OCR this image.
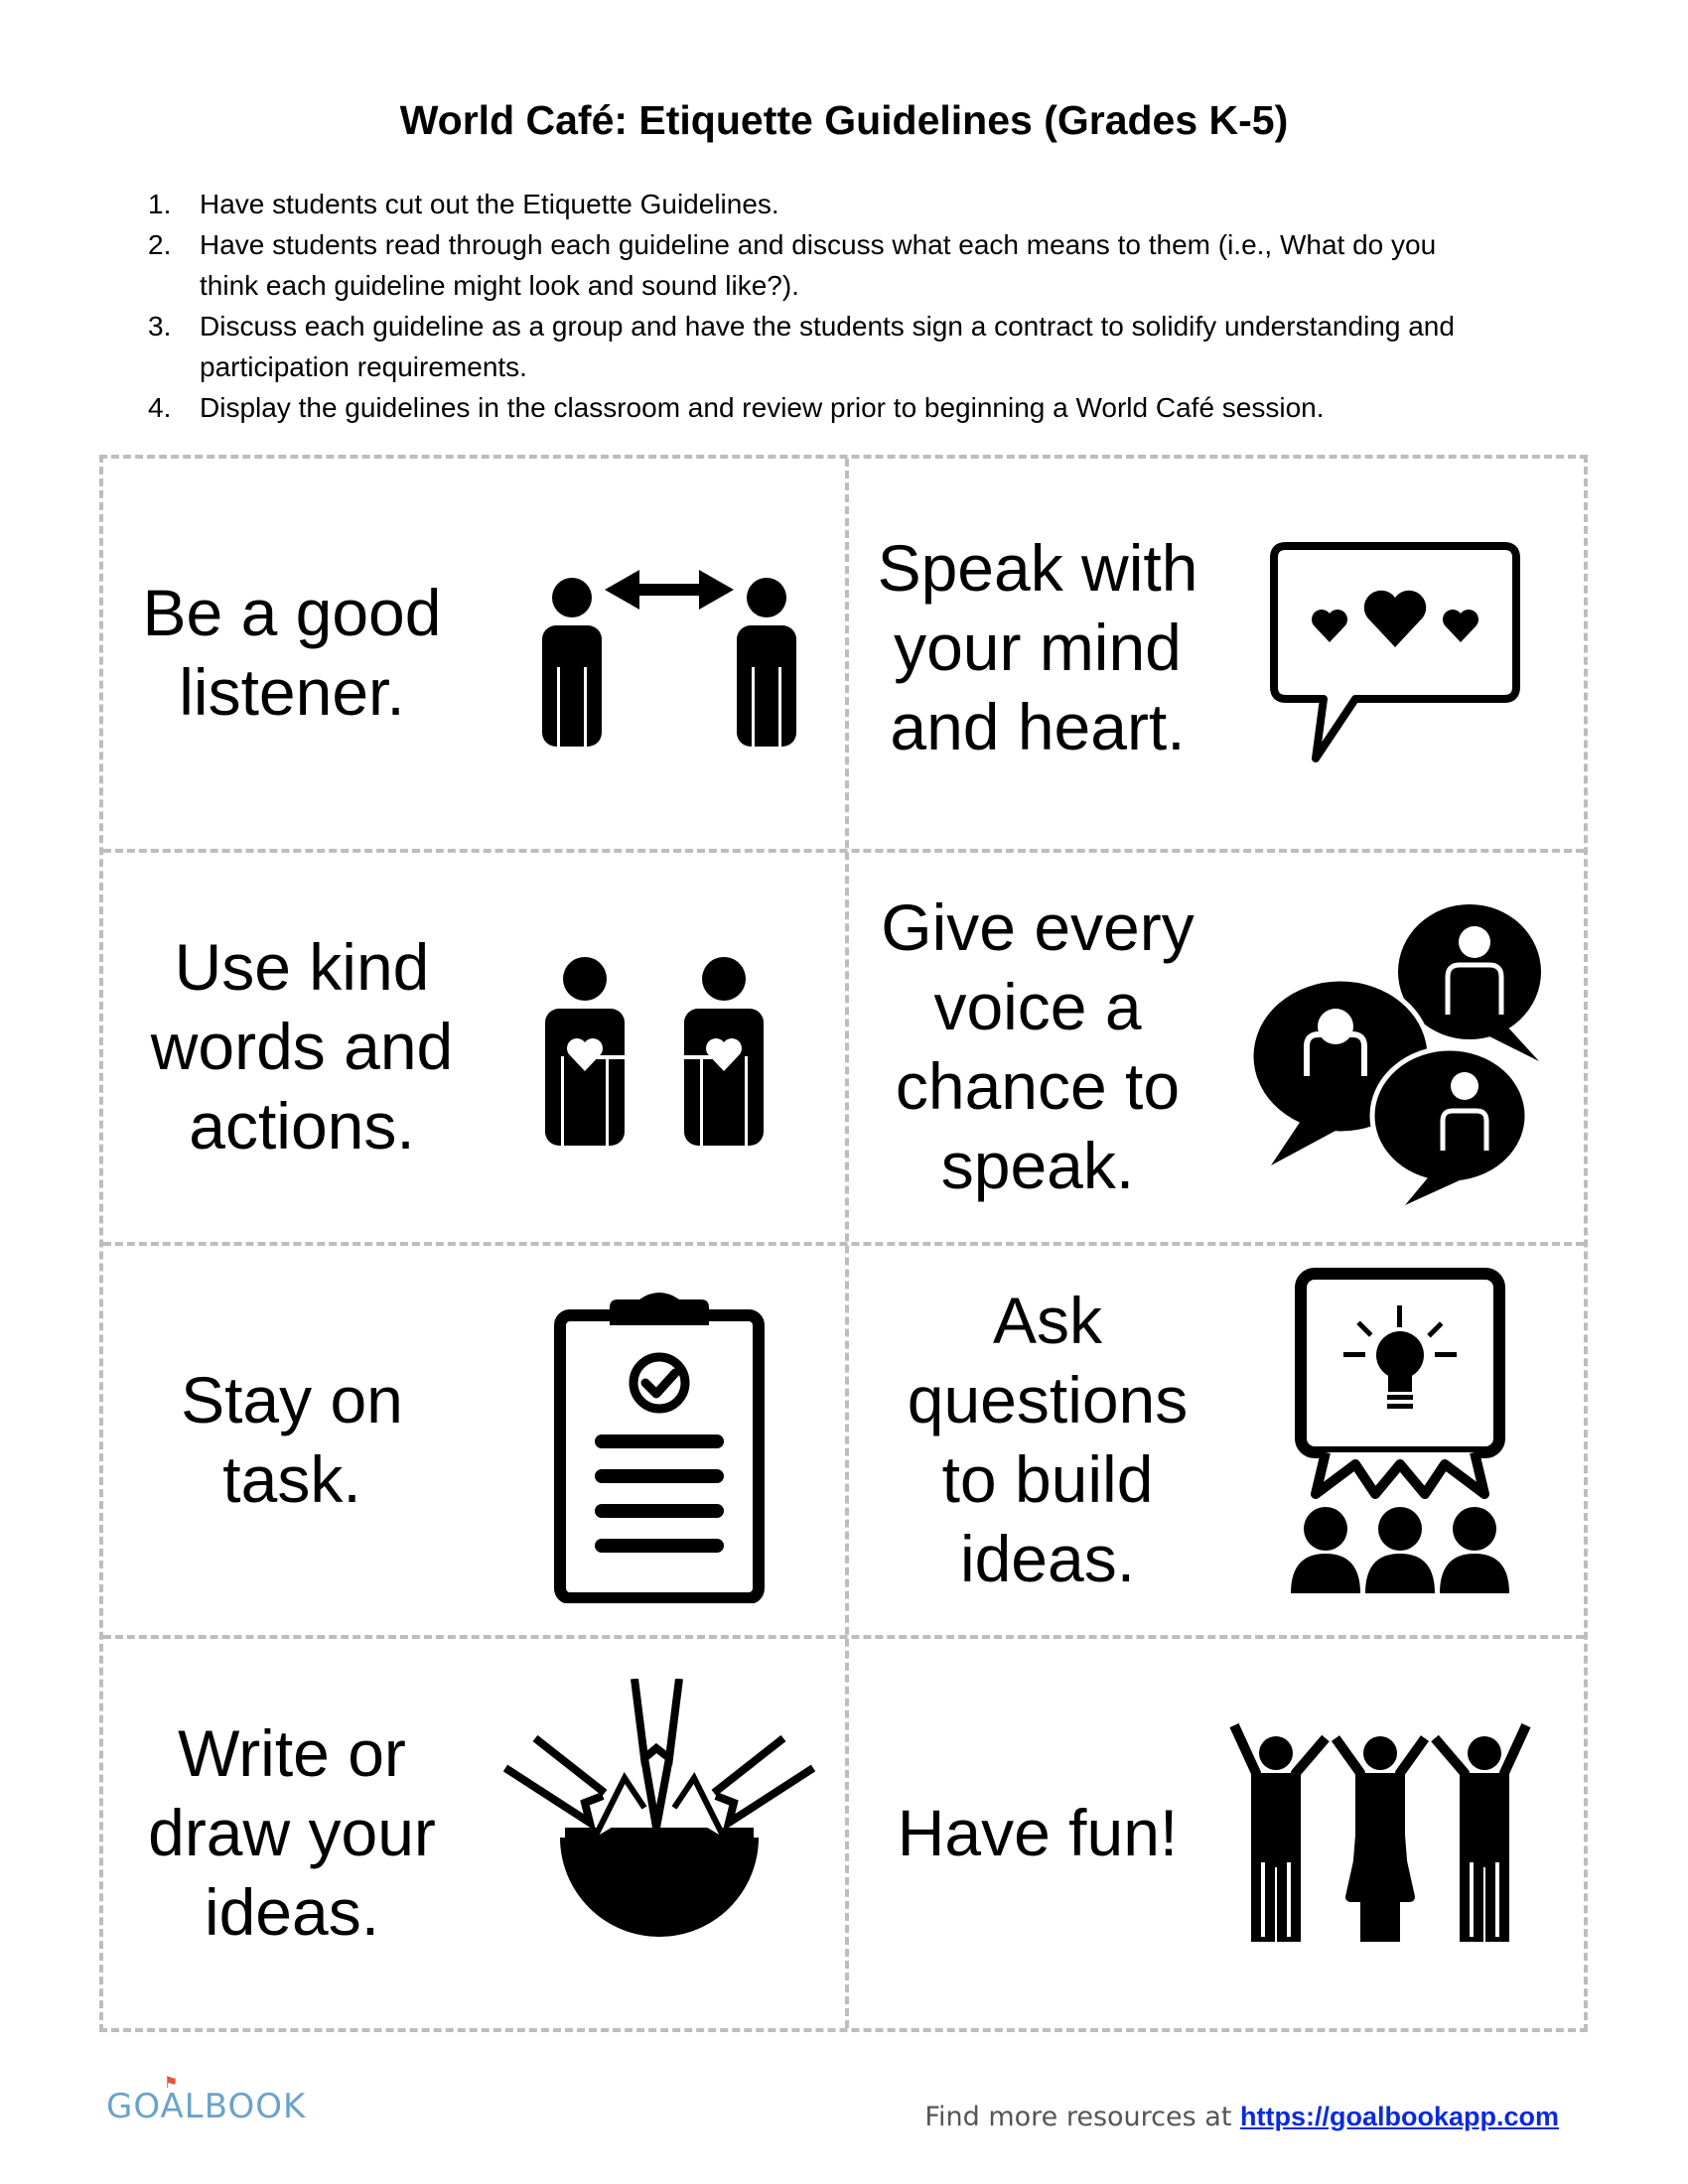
World Café: Etiquette Guidelines (Grades K-5)
1. Have students cut out the Etiquette Guidelines.
2. Have students read through each guideline and discuss what each means to them (i.e., What do you
think each guideline might look and sound like?).
3. Discuss each guideline as a group and have the students sign a contract to solidify understanding and
participation requirements.
4. Display the guidelines in the classroom and review prior to beginning a World Café session.
Be a good
listener.
Speak with
your mind
and heart.
Use kind
words and
actions.
Give every
voice a
chance to
speak.
Stay on
task.
Ask
questions
to build
ideas.
Write or
draw your
ideas.
Have fun!
GOALBOOK
⚑
Find more resources at https://goalbookapp.com
